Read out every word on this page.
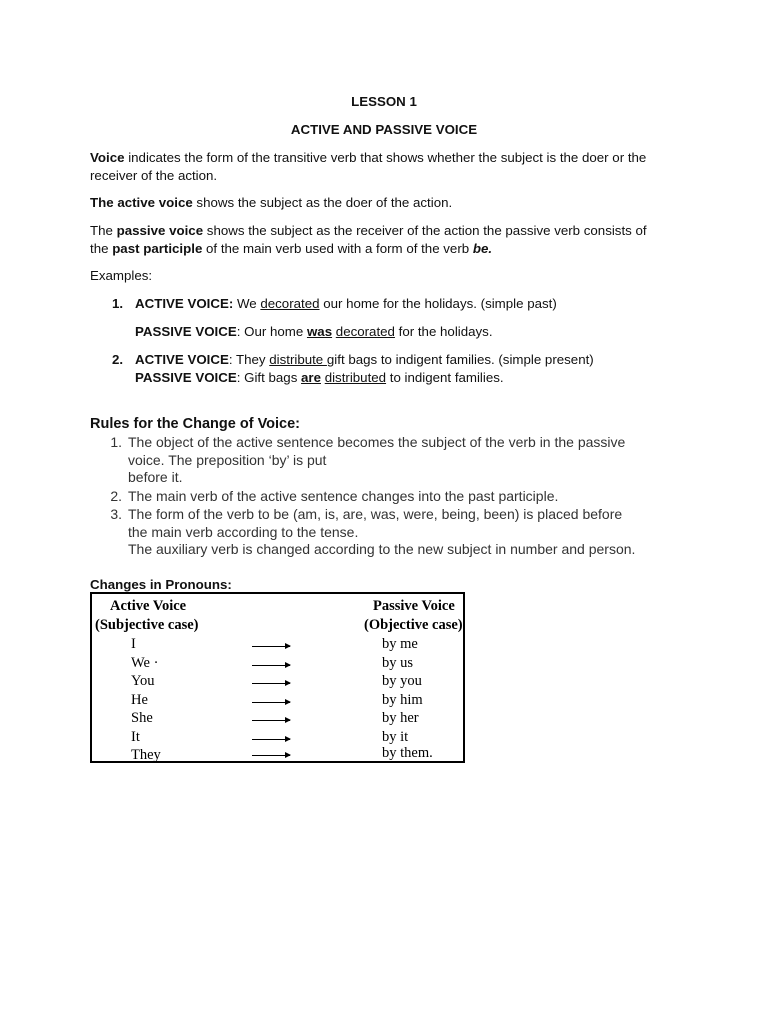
LESSON 1
ACTIVE AND PASSIVE VOICE
Voice indicates the form of the transitive verb that shows whether the subject is the doer or the
receiver of the action.
The active voice shows the subject as the doer of the action.
The passive voice shows the subject as the receiver of the action the passive verb consists of
the past participle of the main verb used with a form of the verb be.
Examples:
1. ACTIVE VOICE: We decorated our home for the holidays. (simple past)
PASSIVE VOICE: Our home was decorated for the holidays.
2. ACTIVE VOICE: They distribute gift bags to indigent families. (simple present)
PASSIVE VOICE: Gift bags are distributed to indigent families.
Rules for the Change of Voice:
1. The object of the active sentence becomes the subject of the verb in the passive
voice. The preposition ‘by’ is put
before it.
2. The main verb of the active sentence changes into the past participle.
3. The form of the verb to be (am, is, are, was, were, being, been) is placed before
the main verb according to the tense.
The auxiliary verb is changed according to the new subject in number and person.
Changes in Pronouns:
Active Voice
(Subjective case)
Passive Voice
(Objective case)
I	by me
We ·	by us
You	by you
He	by him
She	by her
It	by it
They	by them.
